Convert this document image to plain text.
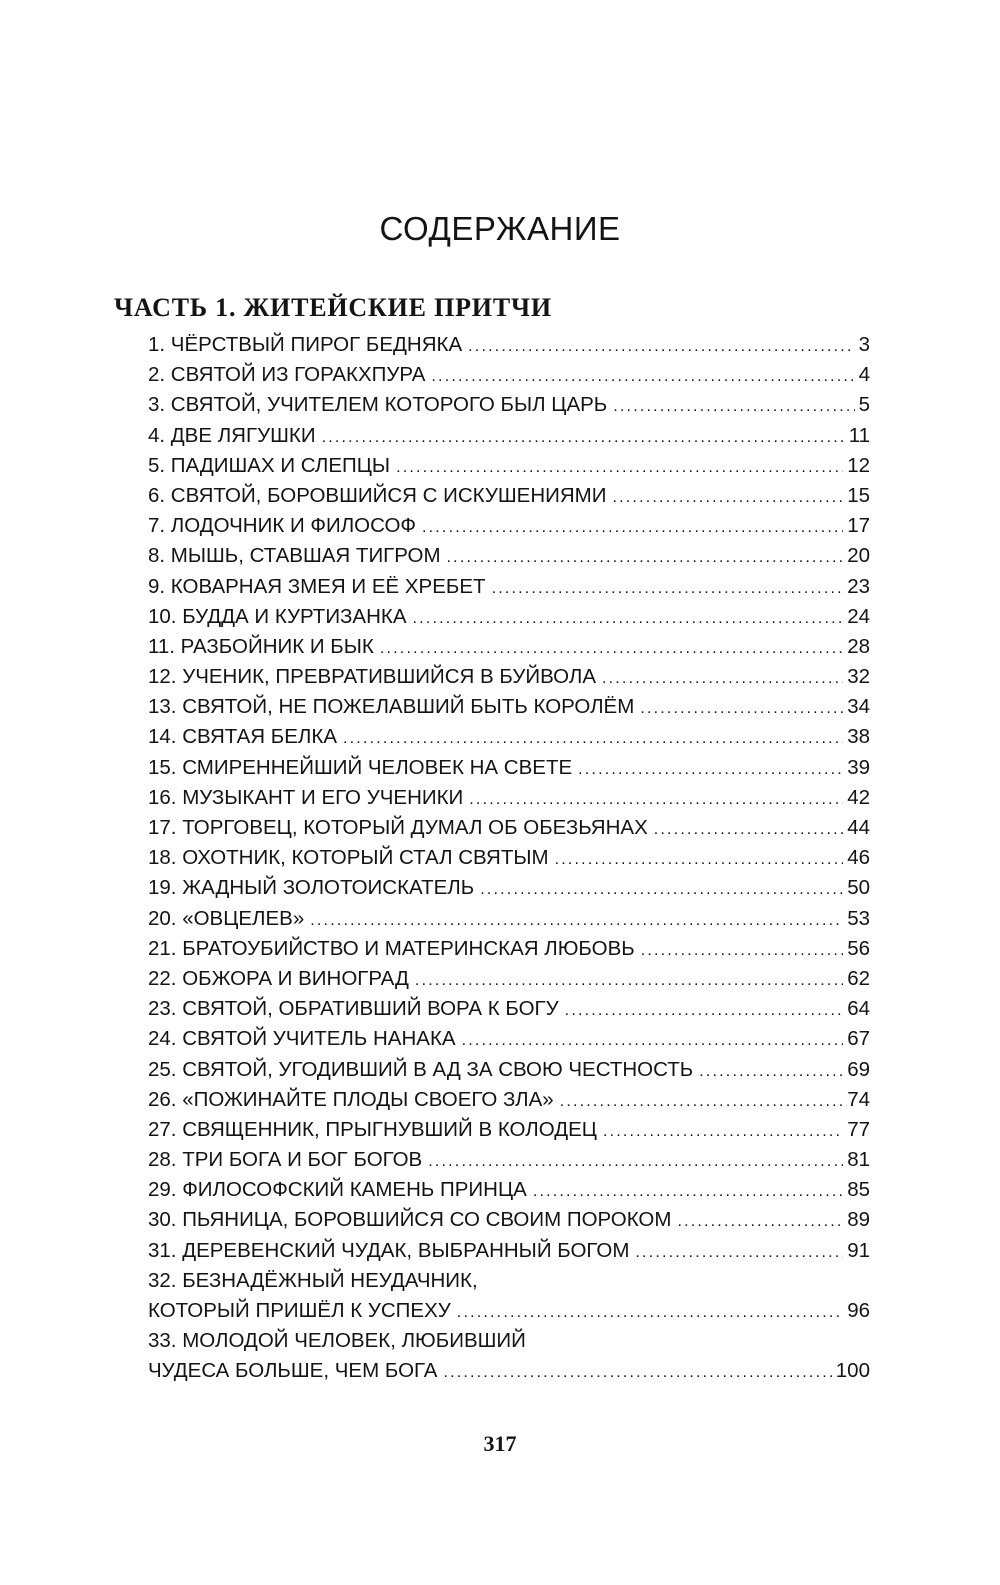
СОДЕРЖАНИЕ
ЧАСТЬ 1. ЖИТЕЙСКИЕ ПРИТЧИ
1. ЧЁРСТВЫЙ ПИРОГ БЕДНЯКА .....	3
2. СВЯТОЙ ИЗ ГОРАКХПУРА .....	4
3. СВЯТОЙ, УЧИТЕЛЕМ КОТОРОГО БЫЛ ЦАРЬ .....	5
4. ДВЕ ЛЯГУШКИ .....	11
5. ПАДИШАХ И СЛЕПЦЫ .....	12
6. СВЯТОЙ, БОРОВШИЙСЯ С ИСКУШЕНИЯМИ .....	15
7. ЛОДОЧНИК И ФИЛОСОФ .....	17
8. МЫШЬ, СТАВШАЯ ТИГРОМ .....	20
9. КОВАРНАЯ ЗМЕЯ И ЕЁ ХРЕБЕТ .....	23
10. БУДДА И КУРТИЗАНКА .....	24
11. РАЗБОЙНИК И БЫК .....	28
12. УЧЕНИК, ПРЕВРАТИВШИЙСЯ В БУЙВОЛА .....	32
13. СВЯТОЙ, НЕ ПОЖЕЛАВШИЙ БЫТЬ КОРОЛЁМ .....	34
14. СВЯТАЯ БЕЛКА .....	38
15. СМИРЕННЕЙШИЙ ЧЕЛОВЕК НА СВЕТЕ .....	39
16. МУЗЫКАНТ И ЕГО УЧЕНИКИ .....	42
17. ТОРГОВЕЦ, КОТОРЫЙ ДУМАЛ ОБ ОБЕЗЬЯНАХ .....	44
18. ОХОТНИК, КОТОРЫЙ СТАЛ СВЯТЫМ .....	46
19. ЖАДНЫЙ ЗОЛОТОИСКАТЕЛЬ .....	50
20. «ОВЦЕЛЕВ» .....	53
21. БРАТОУБИЙСТВО И МАТЕРИНСКАЯ ЛЮБОВЬ .....	56
22. ОБЖОРА И ВИНОГРАД .....	62
23. СВЯТОЙ, ОБРАТИВШИЙ ВОРА К БОГУ .....	64
24. СВЯТОЙ УЧИТЕЛЬ НАНАКА .....	67
25. СВЯТОЙ, УГОДИВШИЙ В АД ЗА СВОЮ ЧЕСТНОСТЬ .....	69
26. «ПОЖИНАЙТЕ ПЛОДЫ СВОЕГО ЗЛА» .....	74
27. СВЯЩЕННИК, ПРЫГНУВШИЙ В КОЛОДЕЦ .....	77
28. ТРИ БОГА И БОГ БОГОВ .....	81
29. ФИЛОСОФСКИЙ КАМЕНЬ ПРИНЦА .....	85
30. ПЬЯНИЦА, БОРОВШИЙСЯ СО СВОИМ ПОРОКОМ .....	89
31. ДЕРЕВЕНСКИЙ ЧУДАК, ВЫБРАННЫЙ БОГОМ .....	91
32. БЕЗНАДЁЖНЫЙ НЕУДАЧНИК,
КОТОРЫЙ ПРИШЁЛ К УСПЕХУ .....	96
33. МОЛОДОЙ ЧЕЛОВЕК, ЛЮБИВШИЙ
ЧУДЕСА БОЛЬШЕ, ЧЕМ БОГА .....	100

317
